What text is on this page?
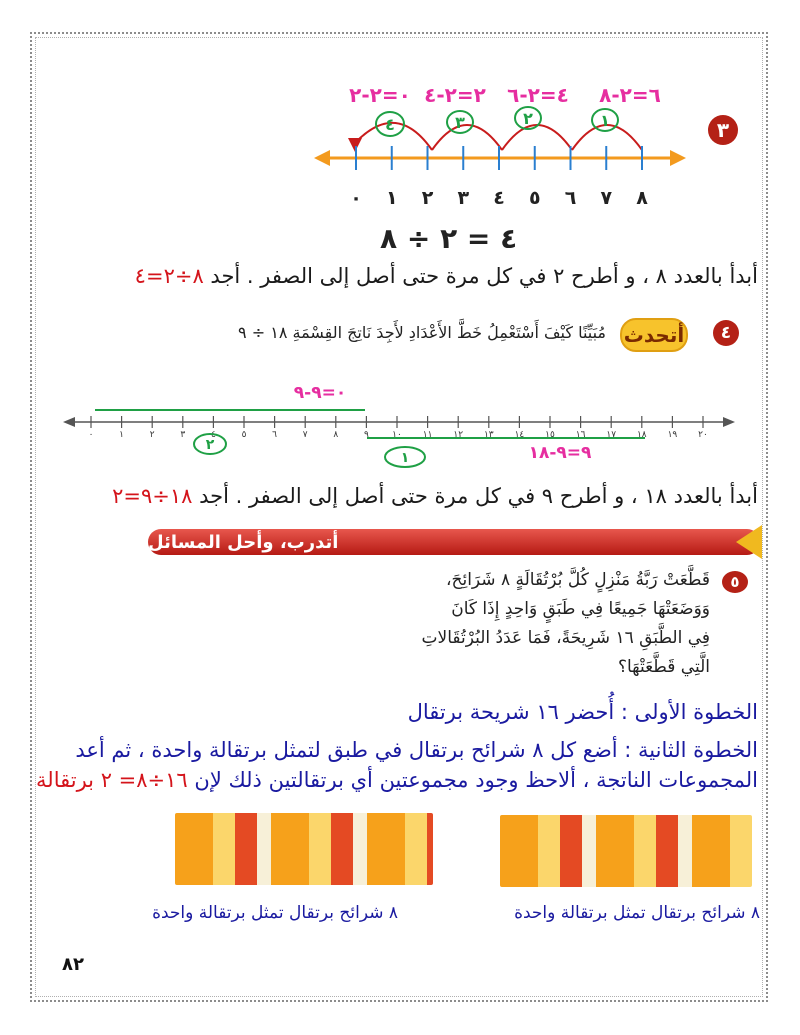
٣
٠=٢-٢ ٢=٢-٤ ٤=٢-٦ ٦=٢-٨
١
٢
٣
٤
٠ ١ ٢ ٣ ٤ ٥ ٦ ٧ ٨
٤ = ٢ ÷ ٨
أبدأ بالعدد ٨ ، و أطرح ٢ في كل مرة حتى أصل إلى الصفر . أجد ٨÷٢=٤
٤
أتحدث
مُبَيِّنًا كَيْفَ أَسْتَعْمِلُ خَطَّ الأَعْدَادِ لأَجِدَ نَاتِجَ القِسْمَةِ ١٨ ÷ ٩
٠=٩-٩
٠	١	٢	٣	٤	٥	٦	٧	٨	٩	١٠ ١١ ١٢ ١٣ ١٤ ١٥ ١٦ ١٧ ١٨ ١٩ ٢٠
٢
١	٩=٩-١٨
أبدأ بالعدد ١٨ ، و أطرح ٩ في كل مرة حتى أصل إلى الصفر . أجد ١٨÷٩=٢
أتدرب، وأحل المسائل
٥
قَطَّعَتْ رَبَّةُ مَنْزِلٍ كُلَّ بُرْتُقَالَةٍ ٨ شَرَائِحَ،
وَوَضَعَتْهَا جَمِيعًا فِي طَبَقٍ وَاحِدٍ إِذَا كَانَ
فِي الطَّبَقِ ١٦ شَرِيحَةً، فَمَا عَدَدُ البُرْتُقَالاتِ
الَّتِي قَطَّعَتْهَا؟
الخطوة الأولى : أُحضر ١٦ شريحة برتقال
الخطوة الثانية : أضع كل ٨ شرائح برتقال في طبق لتمثل برتقالة واحدة ، ثم أعد
المجموعات الناتجة ، ألاحظ وجود مجموعتين أي برتقالتين ذلك لإن ١٦÷٨= ٢ برتقالة
٨ شرائح برتقال تمثل برتقالة واحدة
٨ شرائح برتقال تمثل برتقالة واحدة
٨٢
